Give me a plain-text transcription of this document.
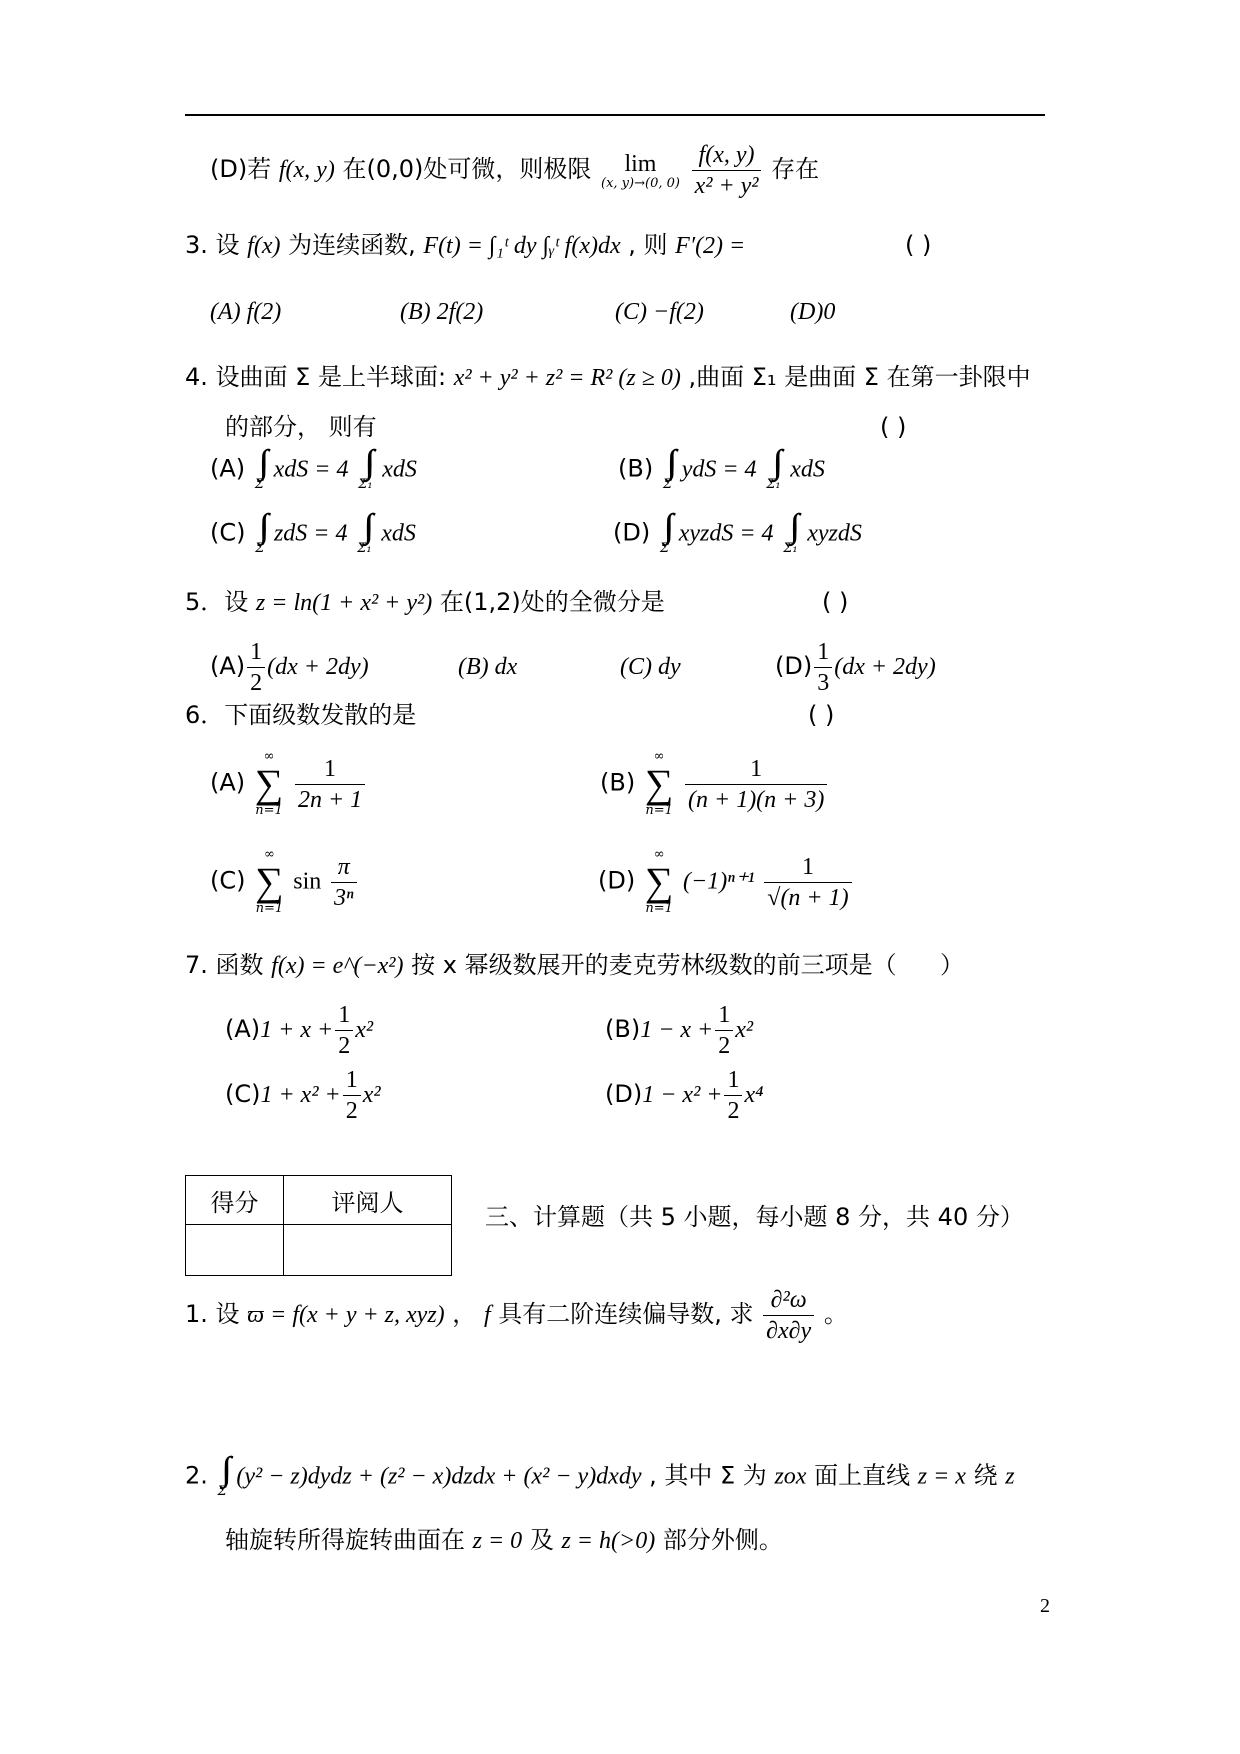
(D)若 f(x, y) 在(0,0)处可微，则极限 lim
(x, y)→(0, 0)
$\frac{f(x, y)}{\text{x² + y²}}$ 存在
3. 设 f(x) 为连续函数, F(t) = ∫₁ᵗ dy ∫ᵧᵗ f(x)dx , 则 F′(2) =	( )
(A) f(2)	(B) 2f(2)	(C) −f(2)	(D)0
4. 设曲面 Σ 是上半球面: x² + y² + z² = R² (z ≥ 0) ,曲面 Σ₁ 是曲面 Σ 在第一卦限中
的部分， 则有	( )
(A)
Σ
xdS = 4
Σ₁
xdS	(B)
Σ
ydS = 4
Σ₁
xdS
(C)
Σ
zdS = 4
Σ₁
xdS	(D)
Σ
xyzdS = 4
Σ₁
xyzdS
5．设 z = ln(1 + x² + y²) 在(1,2)处的全微分是	( )
$(A) \frac{1}{2} (dx + 2dy)$	(B) dx	(C) dy	$(D) \frac{1}{3} (dx + 2dy)$
6．下面级数发散的是	( )
(A)
∞
∑
n=1
$\frac{1}{2n + 1}$	(B)
∞
∑
n=1
$\frac{1}{(n + 1)(n + 3)}$
(C)
∞
∑
n=1
$\sin \frac{\pi}{\text{3ⁿ}}$	(D)
∞
∑
n=1
$(-1)^{n+1} \frac{1}{√(n + 1)}$
7. 函数 f(x) = e^(−x²) 按 x 幂级数展开的麦克劳林级数的前三项是（ ）
$(A)1 + x + \frac{1}{2} x^2$	$(B)1 - x + \frac{1}{2} x^2$
$(C)1 + x^2 + \frac{1}{2} x^2$	$(D)1 - x^2 + \frac{1}{2} x^4$
得分	评阅人

三、计算题（共 5 小题，每小题 8 分，共 40 分）
1. 设 ϖ = f(x + y + z, xyz) ， f 具有二阶连续偏导数, 求 $\frac{\text{∂²ω}}{\partial x\partial y}$ 。
2.
Σ
(y² − z)dydz + (z² − x)dzdx + (x² − y)dxdy , 其中 Σ 为 zox 面上直线 z = x 绕 z
轴旋转所得旋转曲面在 z = 0 及 z = h(>0) 部分外侧。
2
